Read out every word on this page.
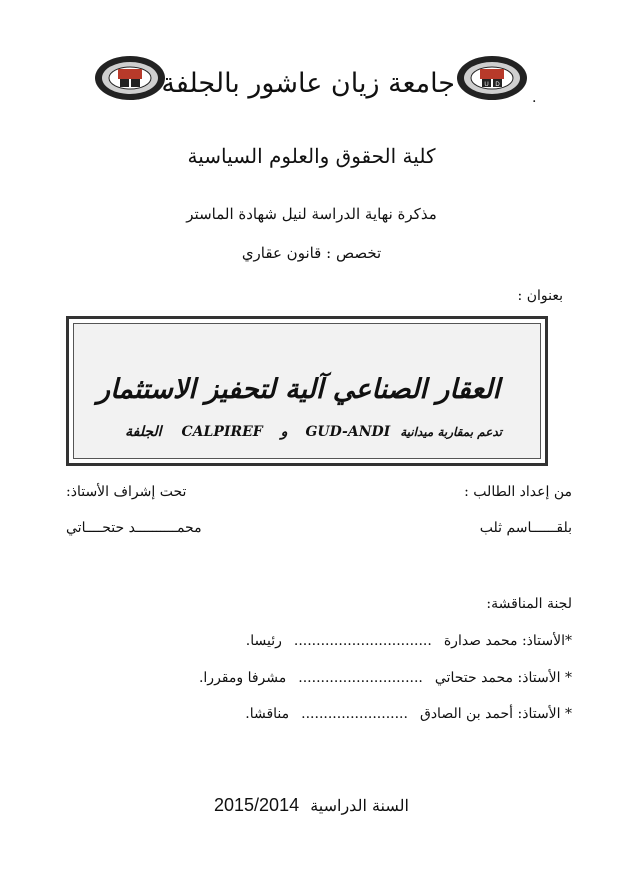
U D
.
جامعة زيان عاشور بالجلفة
كلية الحقوق والعلوم السياسية
مذكرة نهاية الدراسة لنيل شهادة الماستر
تخصص : قانون عقاري
بعنوان :
العقار الصناعي آلية لتحفيز الاستثمار
تدعم بمقاربة ميدانيةGUD-ANDIوCALPIREFالجلفة
من إعداد الطالب :
بلقــــــاسم ثلب
تحت إشراف الأستاذ:
محمــــــــــد حتحــــاتي
لجنة المناقشة:
*الأستاذ: محمد صدارة...............................رئيسا.
* الأستاذ: محمد حتحاتي............................مشرفا ومقررا.
* الأستاذ: أحمد بن الصادق........................مناقشا.
2015/2014 السنة الدراسية
